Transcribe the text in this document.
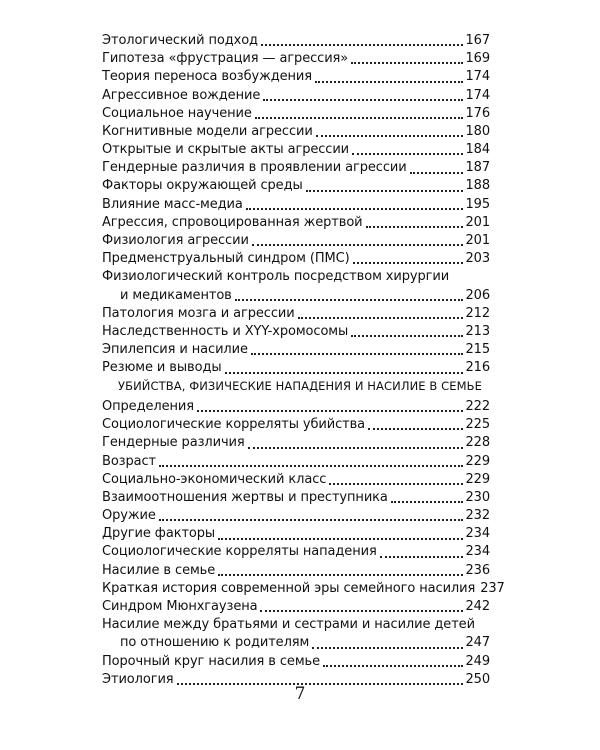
Этологический подход	167
Гипотеза «фрустрация — агрессия»	169
Теория переноса возбуждения	174
Агрессивное вождение	174
Социальное научение	176
Когнитивные модели агрессии	180
Открытые и скрытые акты агрессии	184
Гендерные различия в проявлении агрессии	187
Факторы окружающей среды	188
Влияние масс-медиа	195
Агрессия, спровоцированная жертвой	201
Физиология агрессии	201
Предменструальный синдром (ПМС)	203
Физиологический контроль посредством хирургии
и медикаментов	206
Патология мозга и агрессии	212
Наследственность и XYY-хромосомы	213
Эпилепсия и насилие	215
Резюме и выводы	216
УБИЙСТВА, ФИЗИЧЕСКИЕ НАПАДЕНИЯ И НАСИЛИЕ В СЕМЬЕ
Определения	222
Социологические корреляты убийства	225
Гендерные различия	228
Возраст	229
Социально-экономический класс	229
Взаимоотношения жертвы и преступника	230
Оружие	232
Другие факторы	234
Социологические корреляты нападения	234
Насилие в семье	236
Краткая история современной эры семейного насилия 237
Синдром Мюнхгаузена	242
Насилие между братьями и сестрами и насилие детей
по отношению к родителям	247
Порочный круг насилия в семье	249
Этиология	250
7
